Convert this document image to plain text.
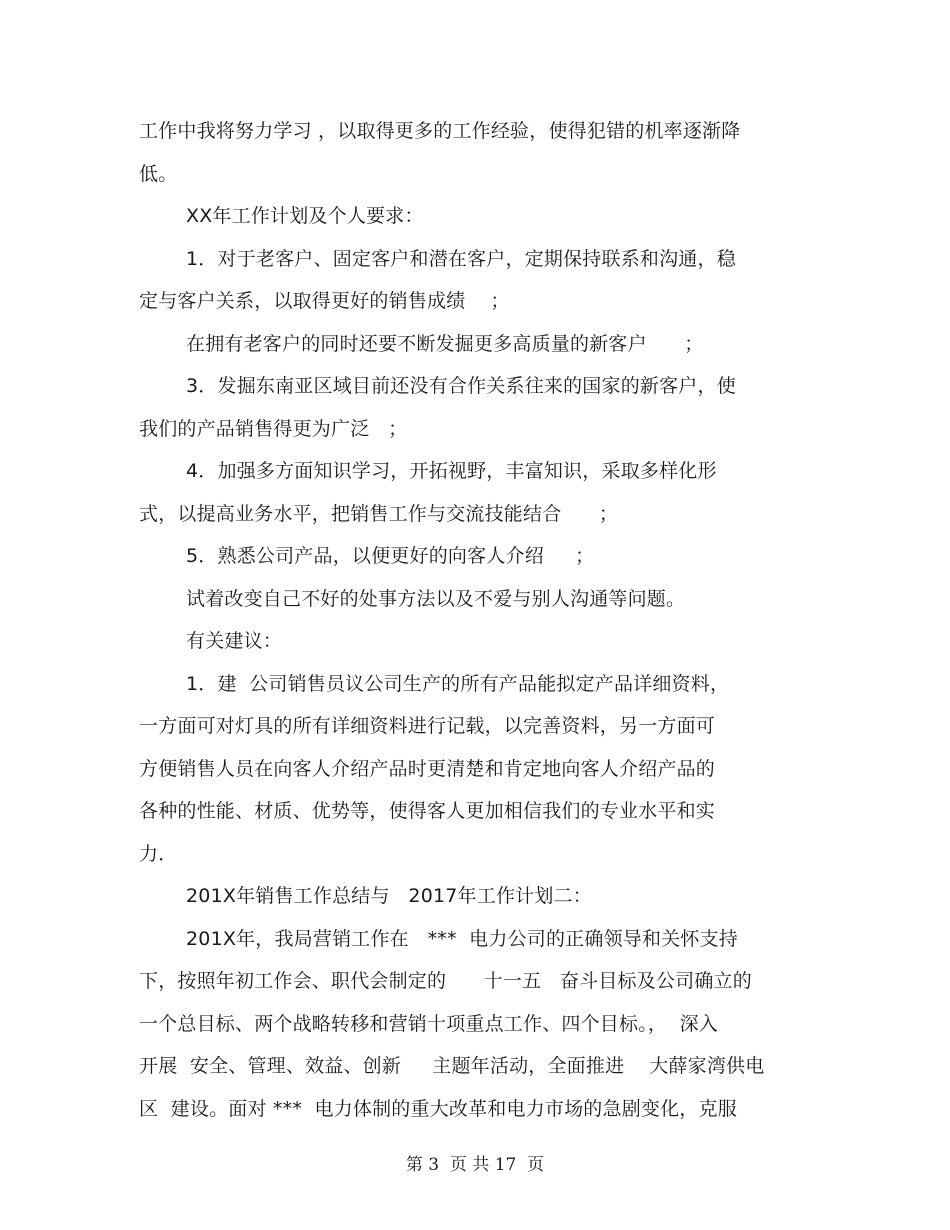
工作中我将努力学习 ，以取得更多的工作经验，使得犯错的机率逐渐降
低。
XX年工作计划及个人要求：
1．对于老客户、固定客户和潜在客户，定期保持联系和沟通，稳
定与客户关系，以取得更好的销售成绩    ；
在拥有老客户的同时还要不断发掘更多高质量的新客户      ；
3．发掘东南亚区域目前还没有合作关系往来的国家的新客户，使
我们的产品销售得更为广泛   ；
4．加强多方面知识学习，开拓视野，丰富知识，采取多样化形
式，以提高业务水平，把销售工作与交流技能结合      ；
5．熟悉公司产品，以便更好的向客人介绍     ；
试着改变自己不好的处事方法以及不爱与别人沟通等问题。
有关建议：
1．建  公司销售员议公司生产的所有产品能拟定产品详细资料，
一方面可对灯具的所有详细资料进行记载，以完善资料，另一方面可
方便销售人员在向客人介绍产品时更清楚和肯定地向客人介绍产品的
各种的性能、材质、优势等，使得客人更加相信我们的专业水平和实
力．
201X年销售工作总结与   2017年工作计划二：
201X年，我局营销工作在   ***  电力公司的正确领导和关怀支持
下，按照年初工作会、职代会制定的      十一五   奋斗目标及公司确立的
一个总目标、两个战略转移和营销十项重点工作、四个目标。，  深入
开展  安全、管理、效益、创新     主题年活动，全面推进    大薛家湾供电
区  建设。面对 ***  电力体制的重大改革和电力市场的急剧变化，克服
第 3  页 共 17  页
